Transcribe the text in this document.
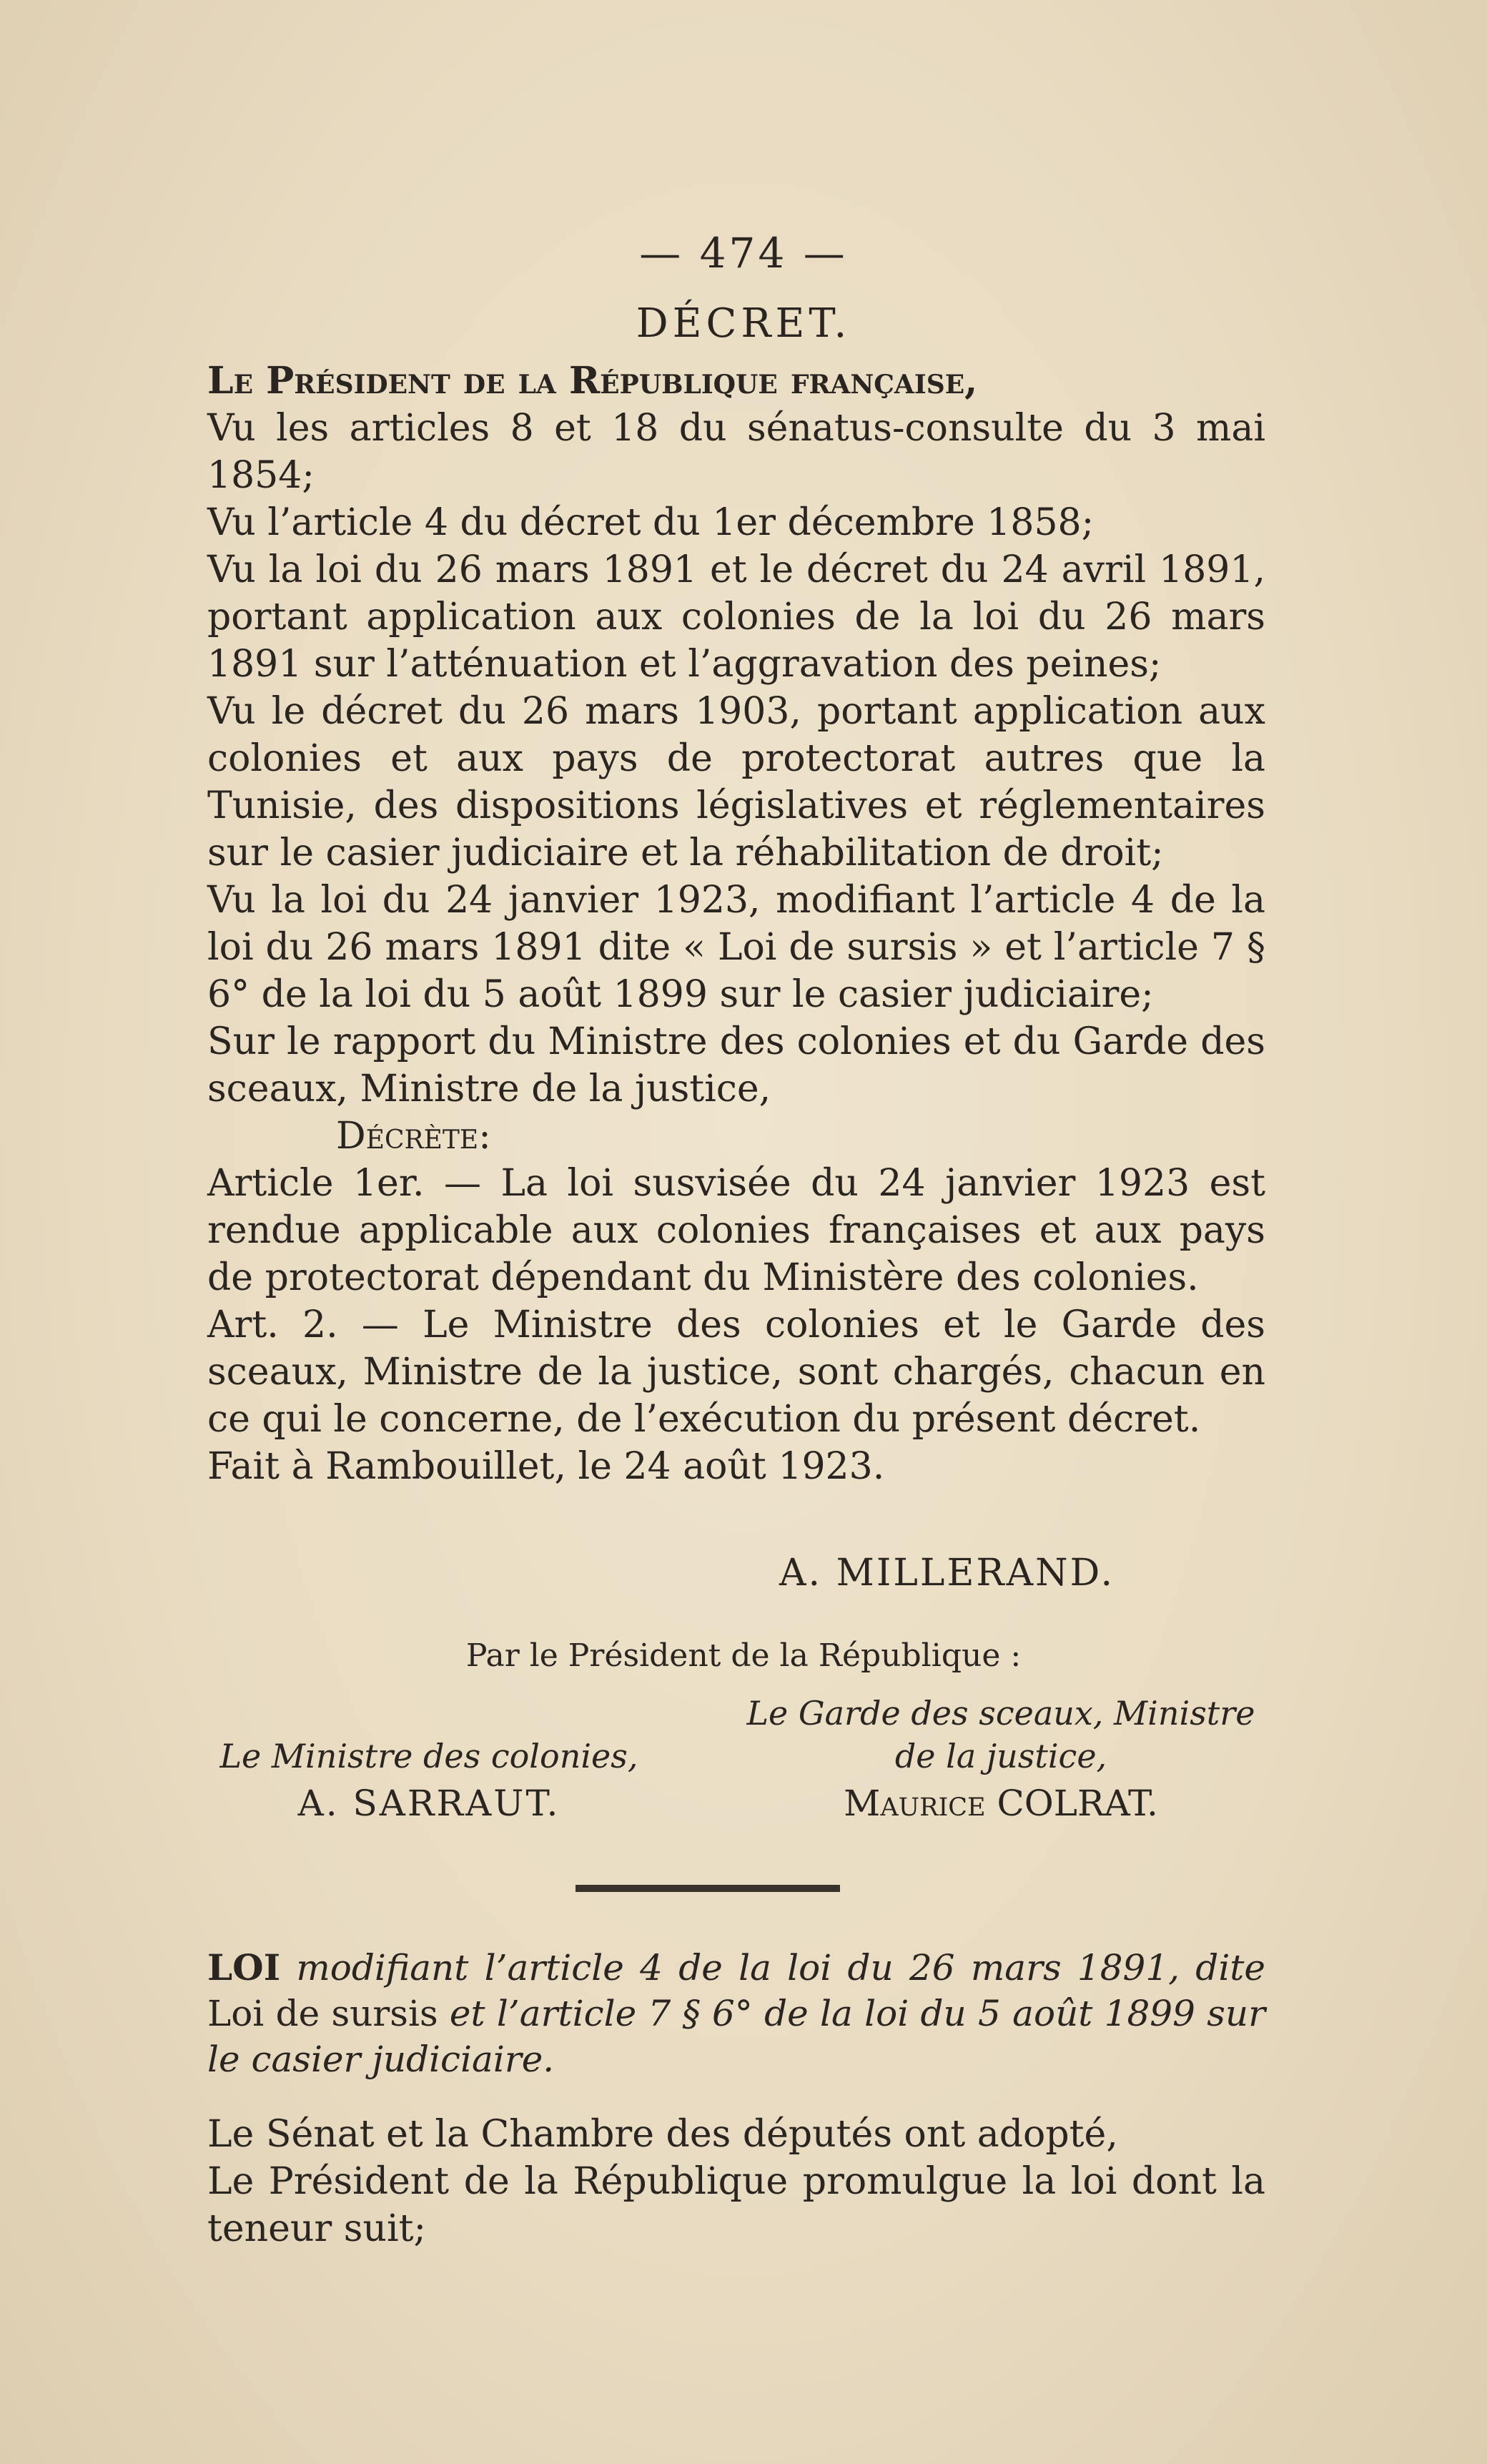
— 474 —
DÉCRET.

Le Président de la République française,

Vu les articles 8 et 18 du sénatus-consulte du 3 mai 1854;

Vu l’article 4 du décret du 1er décembre 1858;

Vu la loi du 26 mars 1891 et le décret du 24 avril 1891, portant application aux colonies de la loi du 26 mars 1891 sur l’atténuation et l’aggravation des peines;

Vu le décret du 26 mars 1903, portant application aux colonies et aux pays de protectorat autres que la Tunisie, des dispositions législatives et réglementaires sur le casier judiciaire et la réhabilitation de droit;

Vu la loi du 24 janvier 1923, modifiant l’article 4 de la loi du 26 mars 1891 dite « Loi de sursis » et l’article 7 § 6° de la loi du 5 août 1899 sur le casier judiciaire;

Sur le rapport du Ministre des colonies et du Garde des sceaux, Ministre de la justice,

Décrète:

Article 1er. — La loi susvisée du 24 janvier 1923 est rendue applicable aux colonies françaises et aux pays de protectorat dépendant du Ministère des colonies.

Art. 2. — Le Ministre des colonies et le Garde des sceaux, Ministre de la justice, sont chargés, chacun en ce qui le concerne, de l’exécution du présent décret.

Fait à Rambouillet, le 24 août 1923.

A. MILLERAND.
Par le Président de la République :
Le Garde des sceaux, Ministre
de la justice,
Maurice COLRAT.
Le Ministre des colonies,
A. SARRAUT.

LOI modifiant l’article 4 de la loi du 26 mars 1891, dite Loi de sursis et l’article 7 § 6° de la loi du 5 août 1899 sur le casier judiciaire.

Le Sénat et la Chambre des députés ont adopté,

Le Président de la République promulgue la loi dont la teneur suit;
